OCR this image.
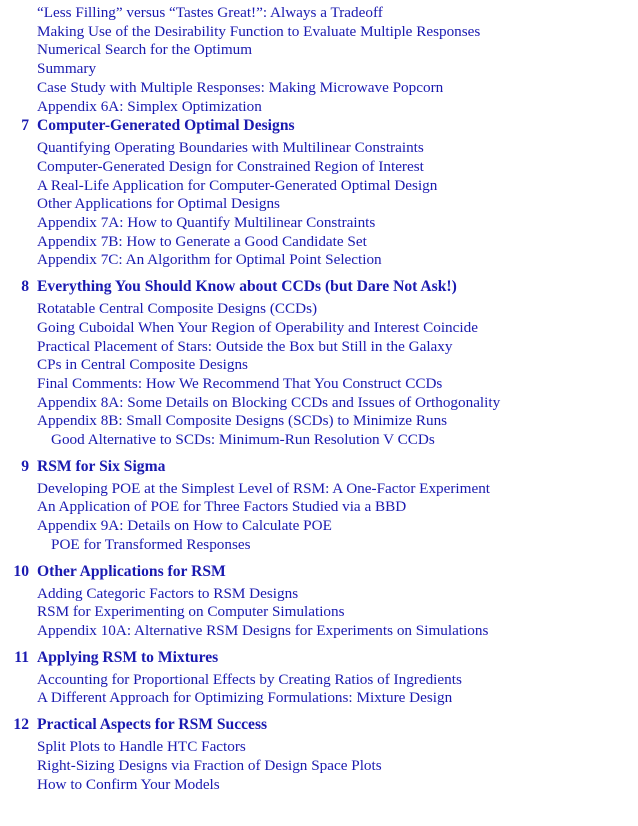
“Less Filling” versus “Tastes Great!”: Always a Tradeoff
Making Use of the Desirability Function to Evaluate Multiple Responses
Numerical Search for the Optimum
Summary
Case Study with Multiple Responses: Making Microwave Popcorn
Appendix 6A: Simplex Optimization
7 Computer-Generated Optimal Designs
Quantifying Operating Boundaries with Multilinear Constraints
Computer-Generated Design for Constrained Region of Interest
A Real-Life Application for Computer-Generated Optimal Design
Other Applications for Optimal Designs
Appendix 7A: How to Quantify Multilinear Constraints
Appendix 7B: How to Generate a Good Candidate Set
Appendix 7C: An Algorithm for Optimal Point Selection
8 Everything You Should Know about CCDs (but Dare Not Ask!)
Rotatable Central Composite Designs (CCDs)
Going Cuboidal When Your Region of Operability and Interest Coincide
Practical Placement of Stars: Outside the Box but Still in the Galaxy
CPs in Central Composite Designs
Final Comments: How We Recommend That You Construct CCDs
Appendix 8A: Some Details on Blocking CCDs and Issues of Orthogonality
Appendix 8B: Small Composite Designs (SCDs) to Minimize Runs
Good Alternative to SCDs: Minimum-Run Resolution V CCDs
9 RSM for Six Sigma
Developing POE at the Simplest Level of RSM: A One-Factor Experiment
An Application of POE for Three Factors Studied via a BBD
Appendix 9A: Details on How to Calculate POE
POE for Transformed Responses
10 Other Applications for RSM
Adding Categoric Factors to RSM Designs
RSM for Experimenting on Computer Simulations
Appendix 10A: Alternative RSM Designs for Experiments on Simulations
11 Applying RSM to Mixtures
Accounting for Proportional Effects by Creating Ratios of Ingredients
A Different Approach for Optimizing Formulations: Mixture Design
12 Practical Aspects for RSM Success
Split Plots to Handle HTC Factors
Right-Sizing Designs via Fraction of Design Space Plots
How to Confirm Your Models
